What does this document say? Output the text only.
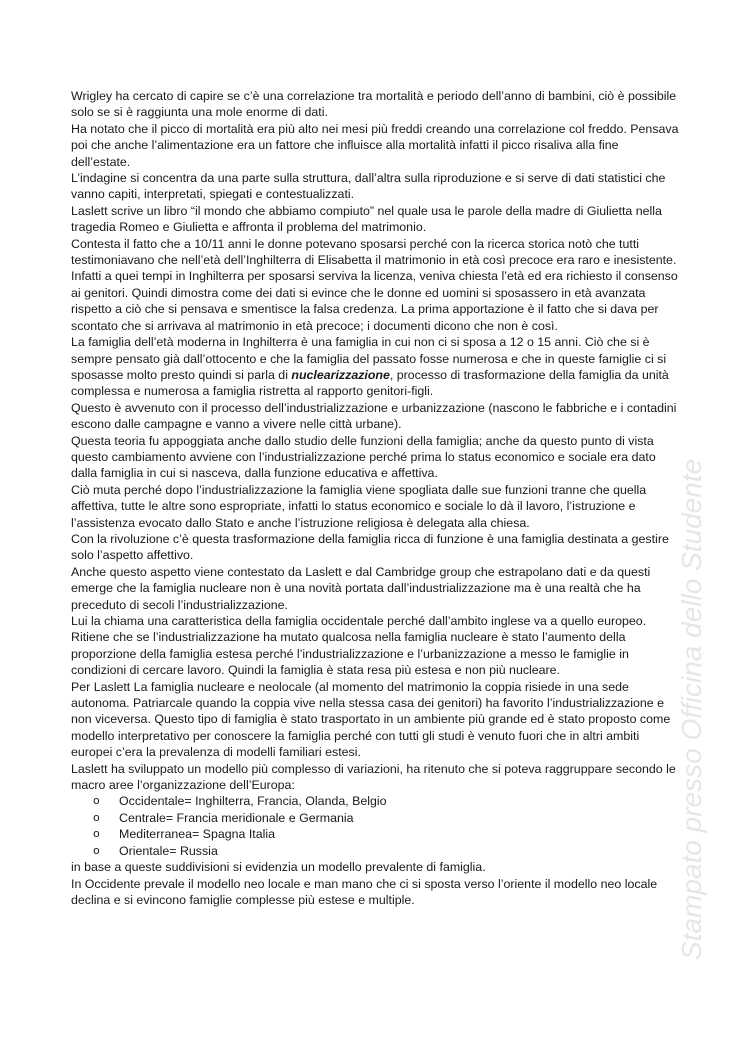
Stampato presso Officina dello Studente

Wrigley ha cercato di capire se c’è una correlazione tra mortalità e periodo dell’anno di bambini, ciò è possibile solo se si è raggiunta una mole enorme di dati.

Ha notato che il picco di mortalità era più alto nei mesi più freddi creando una correlazione col freddo. Pensava poi che anche l’alimentazione era un fattore che influisce alla mortalità infatti il picco risaliva alla fine dell’estate.

L’indagine si concentra da una parte sulla struttura, dall’altra sulla riproduzione e si serve di dati statistici che vanno capiti, interpretati, spiegati e contestualizzati.

Laslett scrive un libro “il mondo che abbiamo compiuto” nel quale usa le parole della madre di Giulietta nella tragedia Romeo e Giulietta e affronta il problema del matrimonio.

Contesta il fatto che a 10/11 anni le donne potevano sposarsi perché con la ricerca storica notò che tutti testimoniavano che nell’età dell’Inghilterra di Elisabetta il matrimonio in età così precoce era raro e inesistente. Infatti a quei tempi in Inghilterra per sposarsi serviva la licenza, veniva chiesta l’età ed era richiesto il consenso ai genitori. Quindi dimostra come dei dati si evince che le donne ed uomini si sposassero in età avanzata rispetto a ciò che si pensava e smentisce la falsa credenza. La prima apportazione è il fatto che si dava per scontato che si arrivava al matrimonio in età precoce; i documenti dicono che non è così.

La famiglia dell’età moderna in Inghilterra è una famiglia in cui non ci si sposa a 12 o 15 anni. Ciò che si è sempre pensato già dall’ottocento e che la famiglia del passato fosse numerosa e che in queste famiglie ci si sposasse molto presto quindi si parla di nuclearizzazione, processo di trasformazione della famiglia da unità complessa e numerosa a famiglia ristretta al rapporto genitori-figli.

Questo è avvenuto con il processo dell’industrializzazione e urbanizzazione (nascono le fabbriche e i contadini escono dalle campagne e vanno a vivere nelle città urbane).

Questa teoria fu appoggiata anche dallo studio delle funzioni della famiglia; anche da questo punto di vista questo cambiamento avviene con l’industrializzazione perché prima lo status economico e sociale era dato dalla famiglia in cui si nasceva, dalla funzione educativa e affettiva.

Ciò muta perché dopo l’industrializzazione la famiglia viene spogliata dalle sue funzioni tranne che quella affettiva, tutte le altre sono espropriate, infatti lo status economico e sociale lo dà il lavoro, l’istruzione e l’assistenza evocato dallo Stato e anche l’istruzione religiosa è delegata alla chiesa.

Con la rivoluzione c’è questa trasformazione della famiglia ricca di funzione è una famiglia destinata a gestire solo l’aspetto affettivo.

Anche questo aspetto viene contestato da Laslett e dal Cambridge group che estrapolano dati e da questi emerge che la famiglia nucleare non è una novità portata dall’industrializzazione ma è una realtà che ha preceduto di secoli l’industrializzazione.

Lui la chiama una caratteristica della famiglia occidentale perché dall’ambito inglese va a quello europeo. Ritiene che se l’industrializzazione ha mutato qualcosa nella famiglia nucleare è stato l’aumento della proporzione della famiglia estesa perché l’industrializzazione e l’urbanizzazione a messo le famiglie in condizioni di cercare lavoro. Quindi la famiglia è stata resa più estesa e non più nucleare.

Per Laslett La famiglia nucleare e neolocale (al momento del matrimonio la coppia risiede in una sede autonoma. Patriarcale quando la coppia vive nella stessa casa dei genitori) ha favorito l’industrializzazione e non viceversa. Questo tipo di famiglia è stato trasportato in un ambiente più grande ed è stato proposto come modello interpretativo per conoscere la famiglia perché con tutti gli studi è venuto fuori che in altri ambiti europei c’era la prevalenza di modelli familiari estesi.

Laslett ha sviluppato un modello più complesso di variazioni, ha ritenuto che si poteva raggruppare secondo le macro aree l’organizzazione dell’Europa:

o Occidentale= Inghilterra, Francia, Olanda, Belgio
o Centrale= Francia meridionale e Germania
o Mediterranea= Spagna Italia
o Orientale= Russia

in base a queste suddivisioni si evidenzia un modello prevalente di famiglia.

In Occidente prevale il modello neo locale e man mano che ci si sposta verso l’oriente il modello neo locale declina e si evincono famiglie complesse più estese e multiple.
